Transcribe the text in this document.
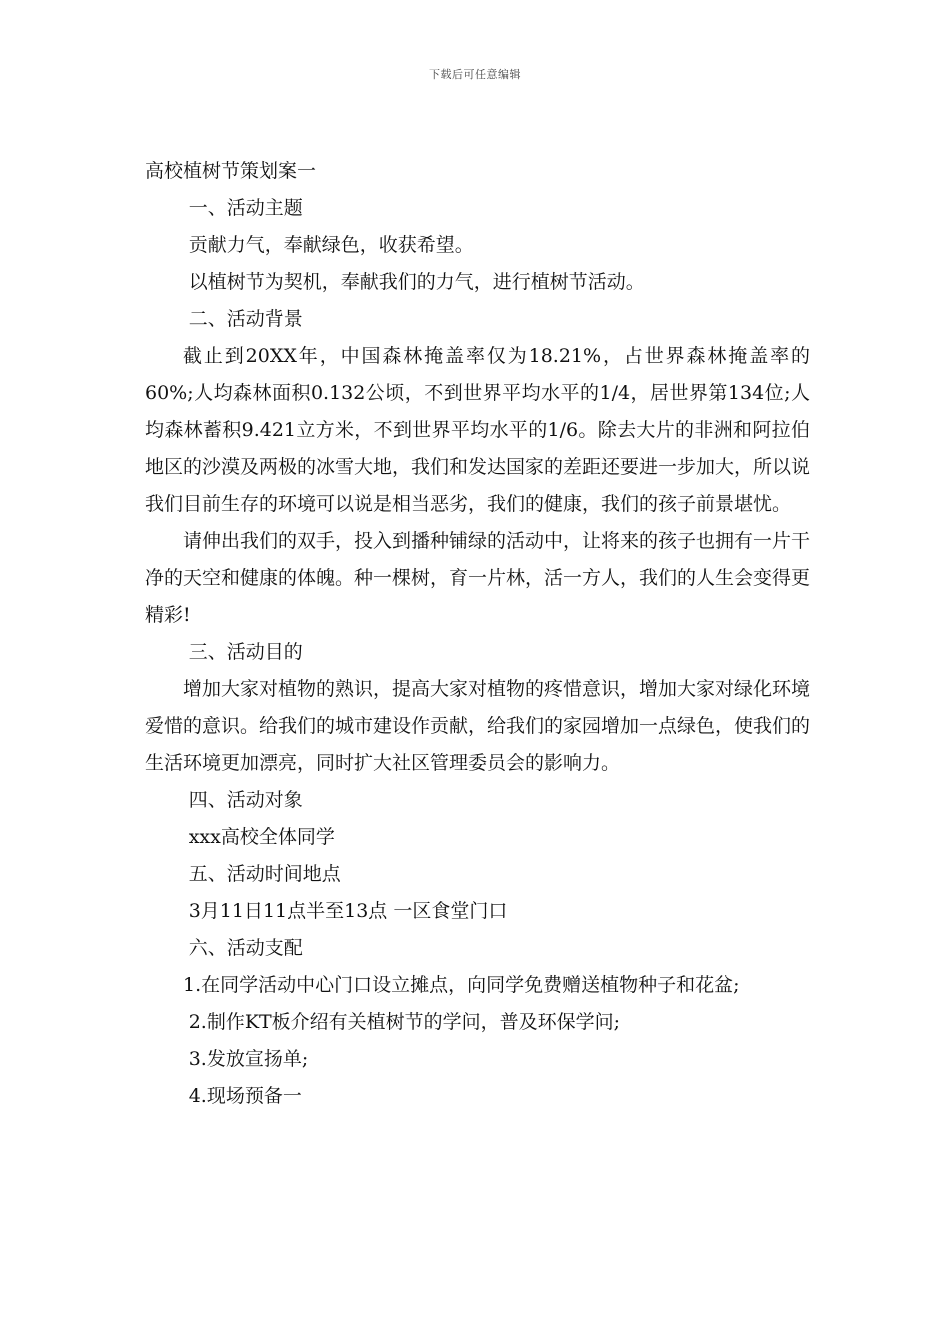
下载后可任意编辑
高校植树节策划案一
一、活动主题
贡献力气，奉献绿色，收获希望。
以植树节为契机，奉献我们的力气，进行植树节活动。
二、活动背景
截止到20XX年，中国森林掩盖率仅为18.21%，占世界森林掩盖率的60%;人均森林面积0.132公顷，不到世界平均水平的1/4，居世界第134位;人均森林蓄积9.421立方米，不到世界平均水平的1/6。除去大片的非洲和阿拉伯地区的沙漠及两极的冰雪大地，我们和发达国家的差距还要进一步加大，所以说我们目前生存的环境可以说是相当恶劣，我们的健康，我们的孩子前景堪忧。
请伸出我们的双手，投入到播种铺绿的活动中，让将来的孩子也拥有一片干净的天空和健康的体魄。种一棵树，育一片林，活一方人，我们的人生会变得更精彩!
三、活动目的
增加大家对植物的熟识，提高大家对植物的疼惜意识，增加大家对绿化环境爱惜的意识。给我们的城市建设作贡献，给我们的家园增加一点绿色，使我们的生活环境更加漂亮，同时扩大社区管理委员会的影响力。
四、活动对象
xxx高校全体同学
五、活动时间地点
3月11日11点半至13点 一区食堂门口
六、活动支配
1.在同学活动中心门口设立摊点，向同学免费赠送植物种子和花盆;
2.制作KT板介绍有关植树节的学问，普及环保学问;
3.发放宣扬单;
4.现场预备一
